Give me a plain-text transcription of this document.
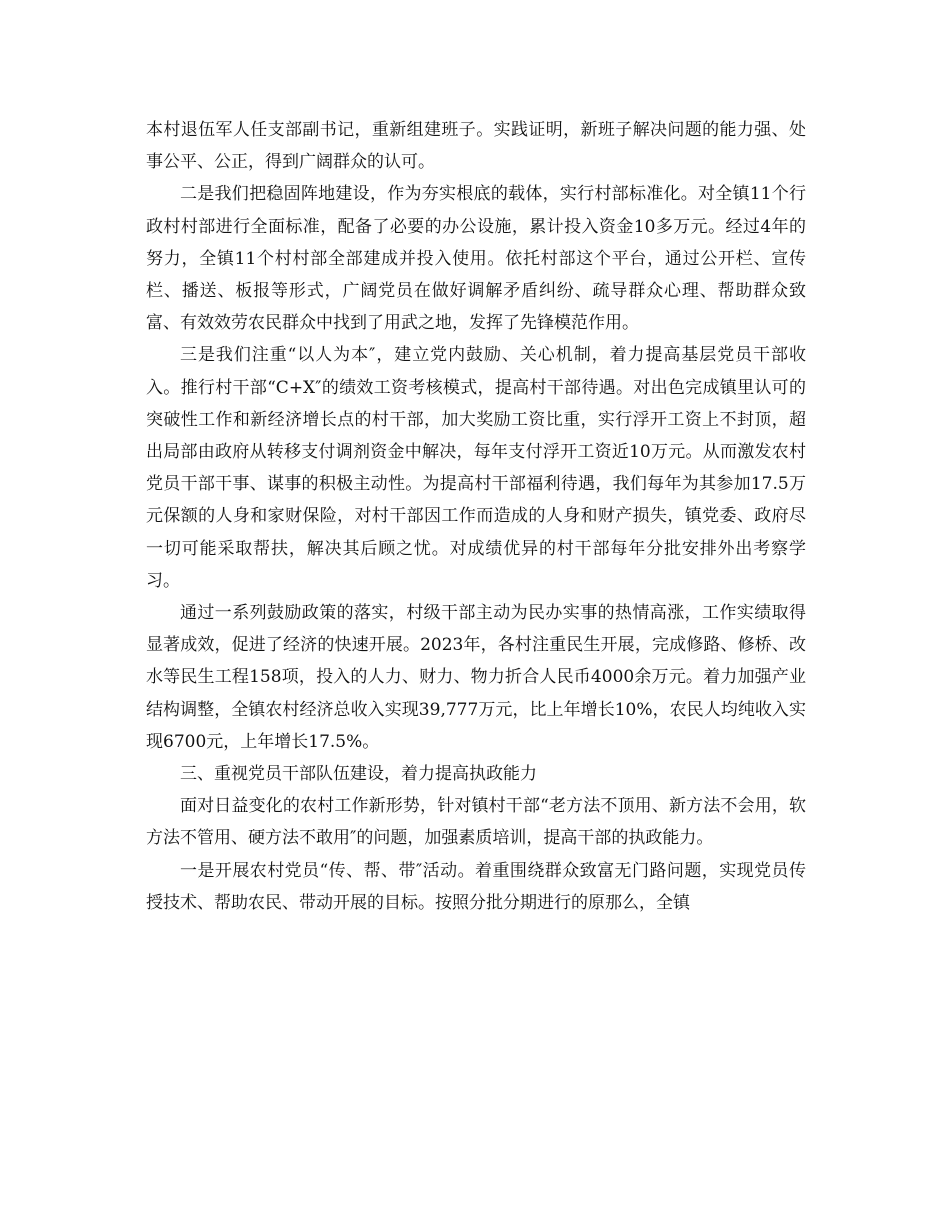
本村退伍军人任支部副书记，重新组建班子。实践证明，新班子解决问题的能力强、处事公平、公正，得到广阔群众的认可。

二是我们把稳固阵地建设，作为夯实根底的载体，实行村部标准化。对全镇11个行政村村部进行全面标准，配备了必要的办公设施，累计投入资金10多万元。经过4年的努力，全镇11个村村部全部建成并投入使用。依托村部这个平台，通过公开栏、宣传栏、播送、板报等形式，广阔党员在做好调解矛盾纠纷、疏导群众心理、帮助群众致富、有效效劳农民群众中找到了用武之地，发挥了先锋模范作用。

三是我们注重“以人为本″，建立党内鼓励、关心机制，着力提高基层党员干部收入。推行村干部“C+X″的绩效工资考核模式，提高村干部待遇。对出色完成镇里认可的突破性工作和新经济增长点的村干部，加大奖励工资比重，实行浮开工资上不封顶，超出局部由政府从转移支付调剂资金中解决，每年支付浮开工资近10万元。从而激发农村党员干部干事、谋事的积极主动性。为提高村干部福利待遇，我们每年为其参加17.5万元保额的人身和家财保险，对村干部因工作而造成的人身和财产损失，镇党委、政府尽一切可能采取帮扶，解决其后顾之忧。对成绩优异的村干部每年分批安排外出考察学习。

通过一系列鼓励政策的落实，村级干部主动为民办实事的热情高涨，工作实绩取得显著成效，促进了经济的快速开展。2023年，各村注重民生开展，完成修路、修桥、改水等民生工程158项，投入的人力、财力、物力折合人民币4000余万元。着力加强产业结构调整，全镇农村经济总收入实现39,777万元，比上年增长10%，农民人均纯收入实现6700元，上年增长17.5%。

三、重视党员干部队伍建设，着力提高执政能力

面对日益变化的农村工作新形势，针对镇村干部“老方法不顶用、新方法不会用，软方法不管用、硬方法不敢用″的问题，加强素质培训，提高干部的执政能力。

一是开展农村党员“传、帮、带″活动。着重围绕群众致富无门路问题，实现党员传授技术、帮助农民、带动开展的目标。按照分批分期进行的原那么，全镇
